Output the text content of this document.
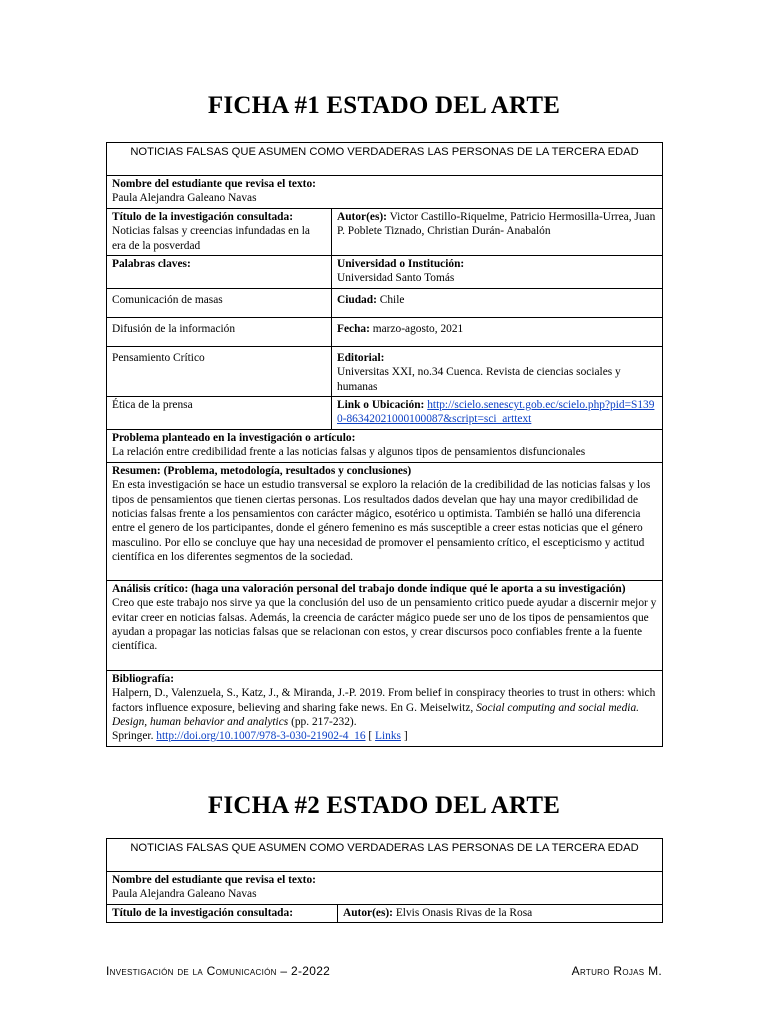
FICHA #1 ESTADO DEL ARTE
NOTICIAS FALSAS QUE ASUMEN COMO VERDADERAS LAS PERSONAS DE LA TERCERA EDAD	

Nombre del estudiante que revisa el texto:
Paula Alejandra Galeano Navas	

Título de la investigación consultada:
Noticias falsas y creencias infundadas en la era de la posverdad	Autor(es): Victor Castillo-Riquelme, Patricio Hermosilla-Urrea, Juan P. Poblete Tiznado, Christian Durán- Anabalón

Palabras claves:	Universidad o Institución:
Universidad Santo Tomás

Comunicación de masas	Ciudad: Chile
Difusión de la información	Fecha: marzo-agosto, 2021
Pensamiento Crítico	Editorial:
Universitas XXI, no.34 Cuenca. Revista de ciencias sociales y humanas

Ética de la prensa	Link o Ubicación: http://scielo.senescyt.gob.ec/scielo.php?pid=S1390-86342021000100087&script=sci_arttext

Problema planteado en la investigación o artículo:
La relación entre credibilidad frente a las noticias falsas y algunos tipos de pensamientos disfuncionales	

Resumen: (Problema, metodología, resultados y conclusiones)
En esta investigación se hace un estudio transversal se exploro la relación de la credibilidad de las noticias falsas y los tipos de pensamientos que tienen ciertas personas. Los resultados dados develan que hay una mayor credibilidad de noticias falsas frente a los pensamientos con carácter mágico, esotérico u optimista. También se halló una diferencia entre el genero de los participantes, donde el género femenino es más susceptible a creer estas noticias que el género masculino. Por ello se concluye que hay una necesidad de promover el pensamiento crítico, el escepticismo y actitud científica en los diferentes segmentos de la sociedad.	

Análisis crítico: (haga una valoración personal del trabajo donde indique qué le aporta a su investigación)
Creo que este trabajo nos sirve ya que la conclusión del uso de un pensamiento critico puede ayudar a discernir mejor y evitar creer en noticias falsas. Además, la creencia de carácter mágico puede ser uno de los tipos de pensamientos que ayudan a propagar las noticias falsas que se relacionan con estos, y crear discursos poco confiables frente a la fuente científica.	

Bibliografía:
Halpern, D., Valenzuela, S., Katz, J., & Miranda, J.-P. 2019. From belief in conspiracy theories to trust in others: which factors influence exposure, believing and sharing fake news. En G. Meiselwitz, Social computing and social media. Design, human behavior and analytics (pp. 217-232).
Springer. http://doi.org/10.1007/978-3-030-21902-4_16 [ Links ]	
FICHA #2 ESTADO DEL ARTE
NOTICIAS FALSAS QUE ASUMEN COMO VERDADERAS LAS PERSONAS DE LA TERCERA EDAD

Nombre del estudiante que revisa el texto:
Paula Alejandra Galeano Navas

Título de la investigación consultada:	Autor(es): Elvis Onasis Rivas de la Rosa
Investigación de la Comunicación – 2-2022	Arturo Rojas M.
